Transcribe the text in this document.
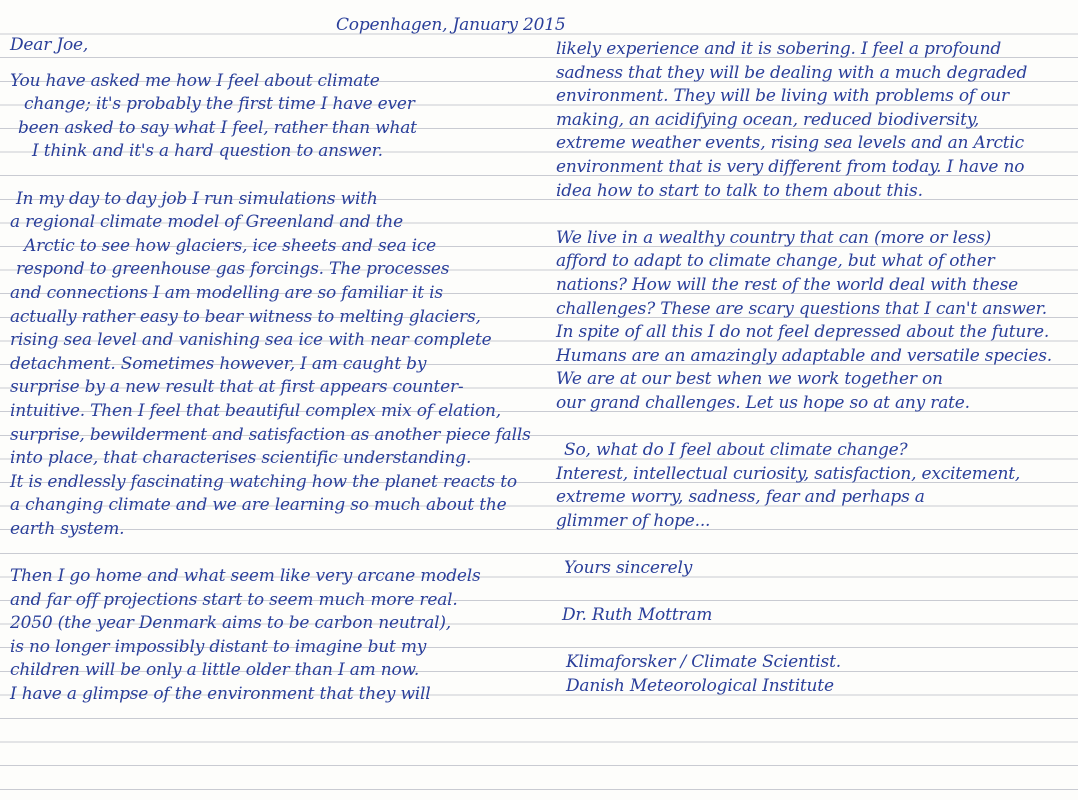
Copenhagen, January 2015
Dear Joe,
You have asked me how I feel about climate
change; it's probably the first time I have ever
been asked to say what I feel, rather than what
I think and it's a hard question to answer.
In my day to day job I run simulations with
a regional climate model of Greenland and the
Arctic to see how glaciers, ice sheets and sea ice
respond to greenhouse gas forcings. The processes
and connections I am modelling are so familiar it is
actually rather easy to bear witness to melting glaciers,
rising sea level and vanishing sea ice with near complete
detachment. Sometimes however, I am caught by
surprise by a new result that at first appears counter-
intuitive. Then I feel that beautiful complex mix of elation,
surprise, bewilderment and satisfaction as another piece falls
into place, that characterises scientific understanding.
It is endlessly fascinating watching how the planet reacts to
a changing climate and we are learning so much about the
earth system.
Then I go home and what seem like very arcane models
and far off projections start to seem much more real.
2050 (the year Denmark aims to be carbon neutral),
is no longer impossibly distant to imagine but my
children will be only a little older than I am now.
I have a glimpse of the environment that they will
likely experience and it is sobering. I feel a profound
sadness that they will be dealing with a much degraded
environment. They will be living with problems of our
making, an acidifying ocean, reduced biodiversity,
extreme weather events, rising sea levels and an Arctic
environment that is very different from today. I have no
idea how to start to talk to them about this.
We live in a wealthy country that can (more or less)
afford to adapt to climate change, but what of other
nations? How will the rest of the world deal with these
challenges? These are scary questions that I can't answer.
In spite of all this I do not feel depressed about the future.
Humans are an amazingly adaptable and versatile species.
We are at our best when we work together on
our grand challenges. Let us hope so at any rate.
So, what do I feel about climate change?
Interest, intellectual curiosity, satisfaction, excitement,
extreme worry, sadness, fear and perhaps a
glimmer of hope...
Yours sincerely
Dr. Ruth Mottram
Klimaforsker / Climate Scientist.
Danish Meteorological Institute
